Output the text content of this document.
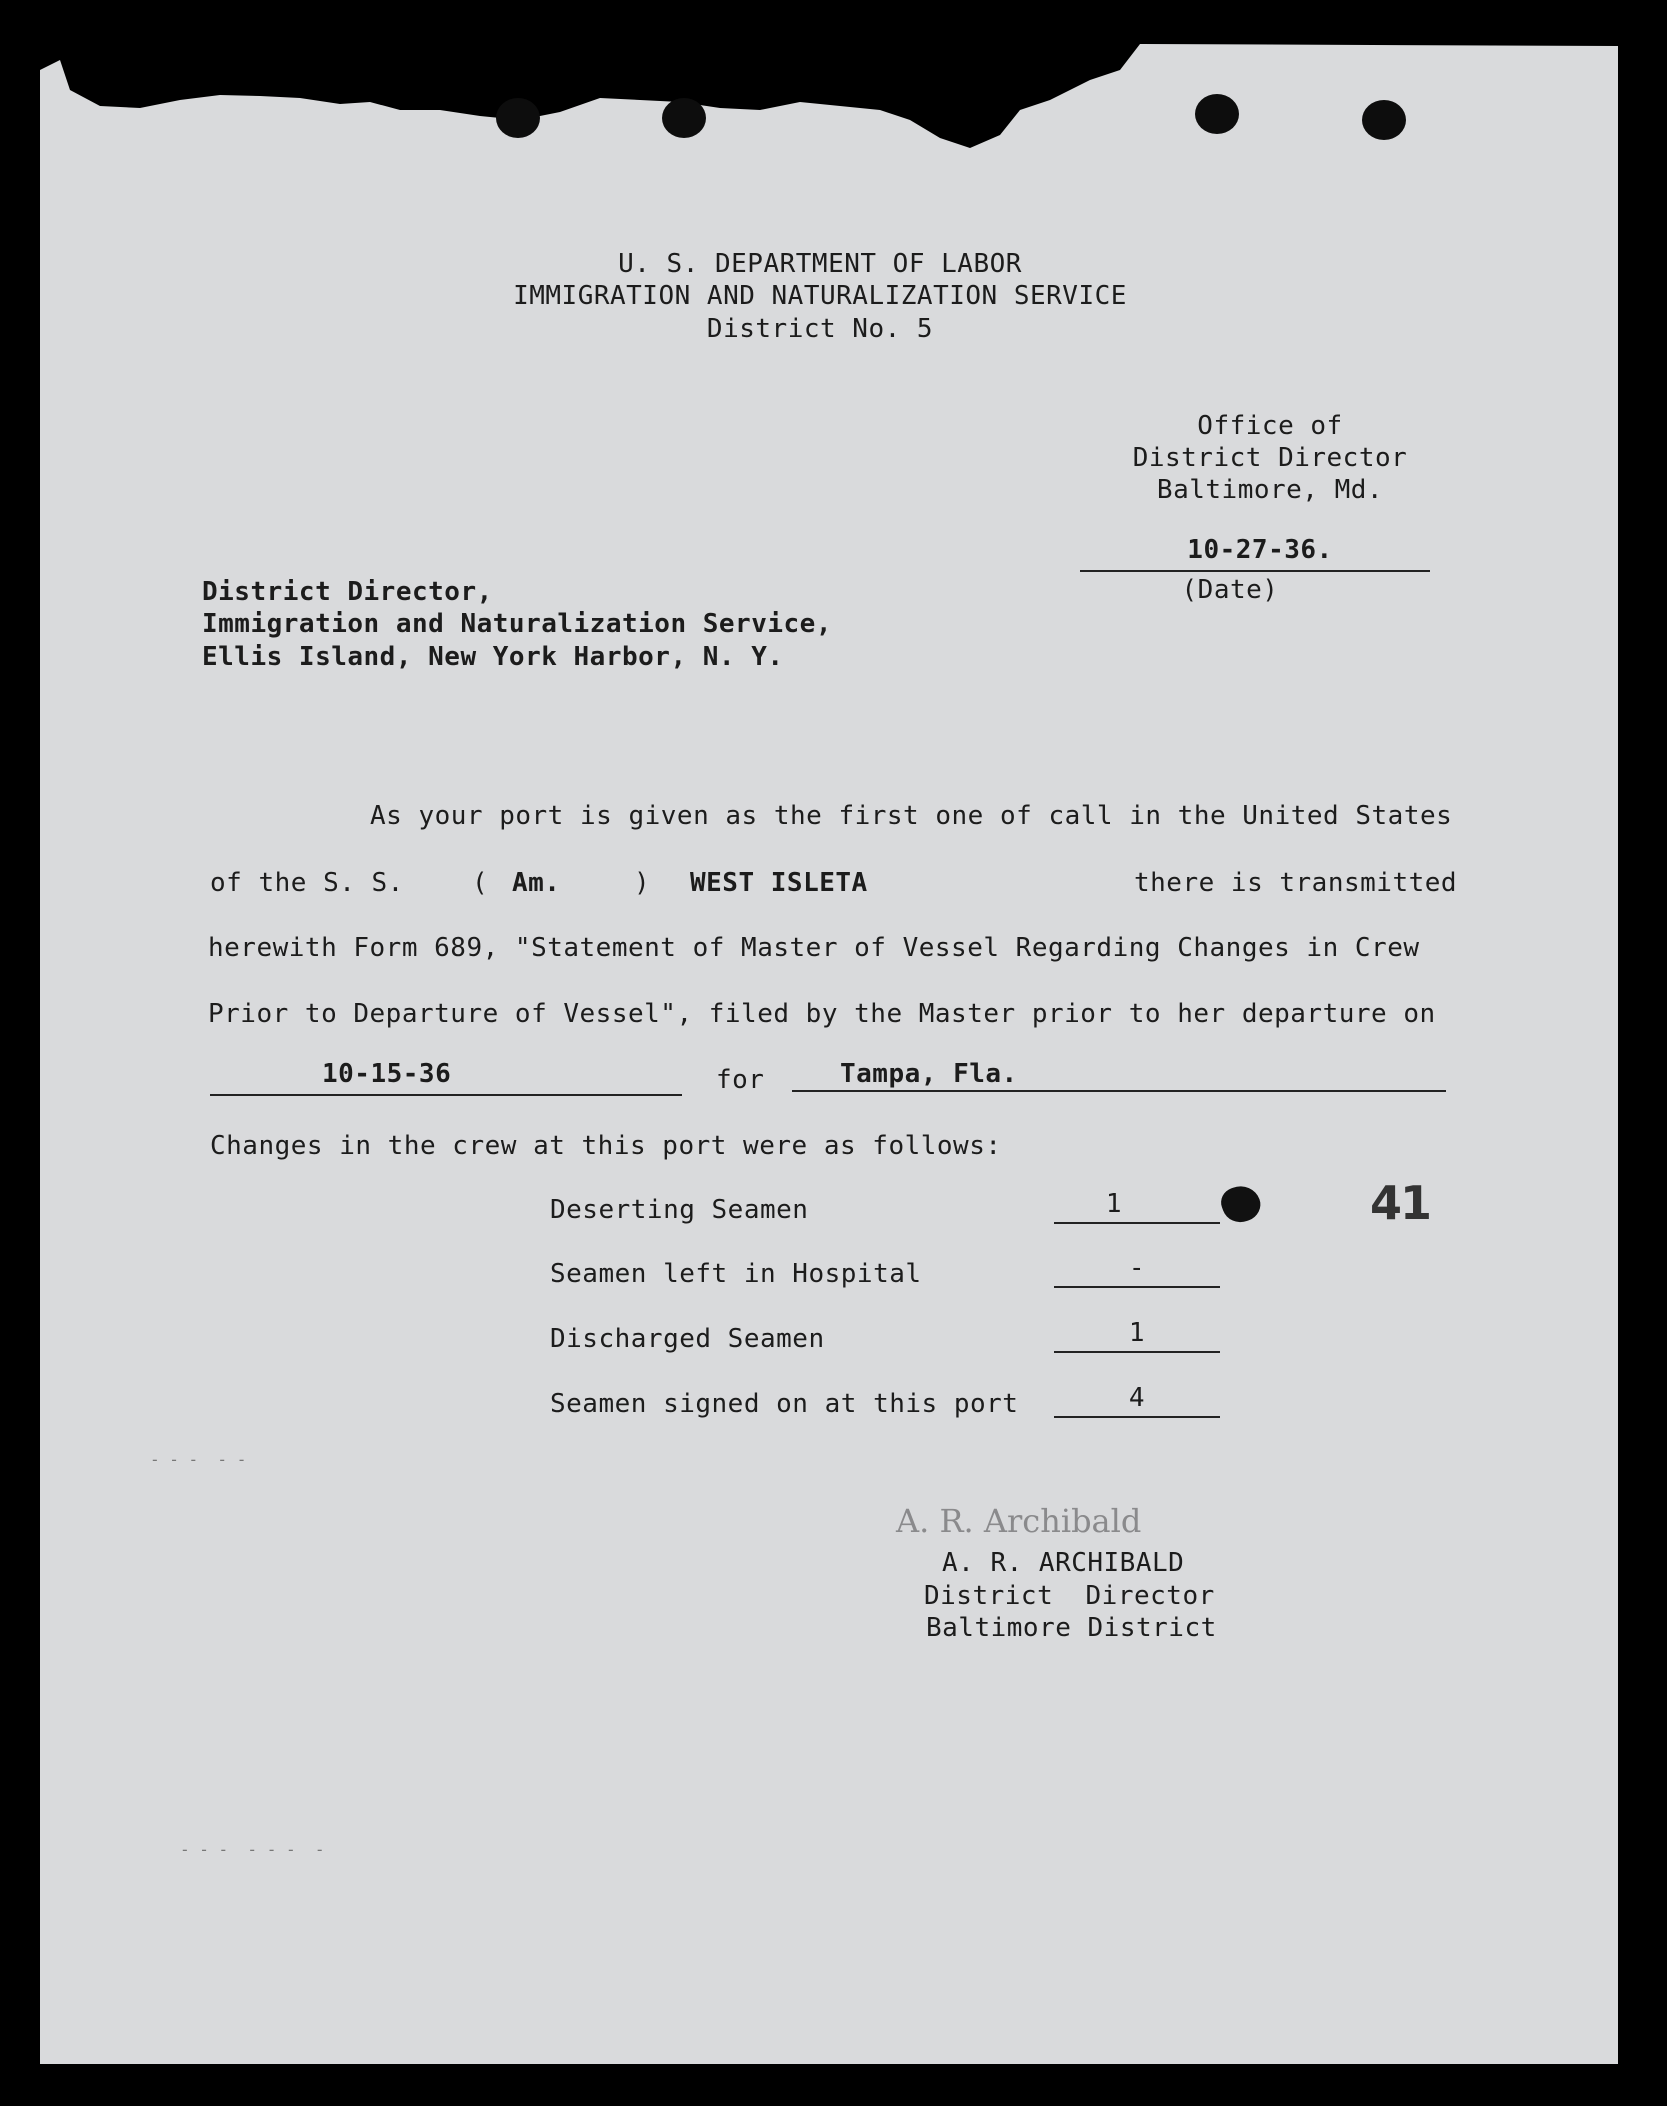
U. S. DEPARTMENT OF LABOR
IMMIGRATION AND NATURALIZATION SERVICE
District No. 5
Office of
District Director
Baltimore, Md.
10-27-36.
(Date)
District Director,
Immigration and Naturalization Service,
Ellis Island, New York Harbor, N. Y.
As your port is given as the first one of call in the United States
of the S. S.	( Am.	) WEST ISLETA	there is transmitted
herewith Form 689, "Statement of Master of Vessel Regarding Changes in Crew
Prior to Departure of Vessel", filed by the Master prior to her departure on
10-15-36	for	Tampa, Fla.
Changes in the crew at this port were as follows:
Deserting Seamen	1
Seamen left in Hospital	-
Discharged Seamen	1
Seamen signed on at this port	4
41
A. R. Archibald
A. R. ARCHIBALD
District  Director
Baltimore District
- - -  - -
- - -  - - -  -
